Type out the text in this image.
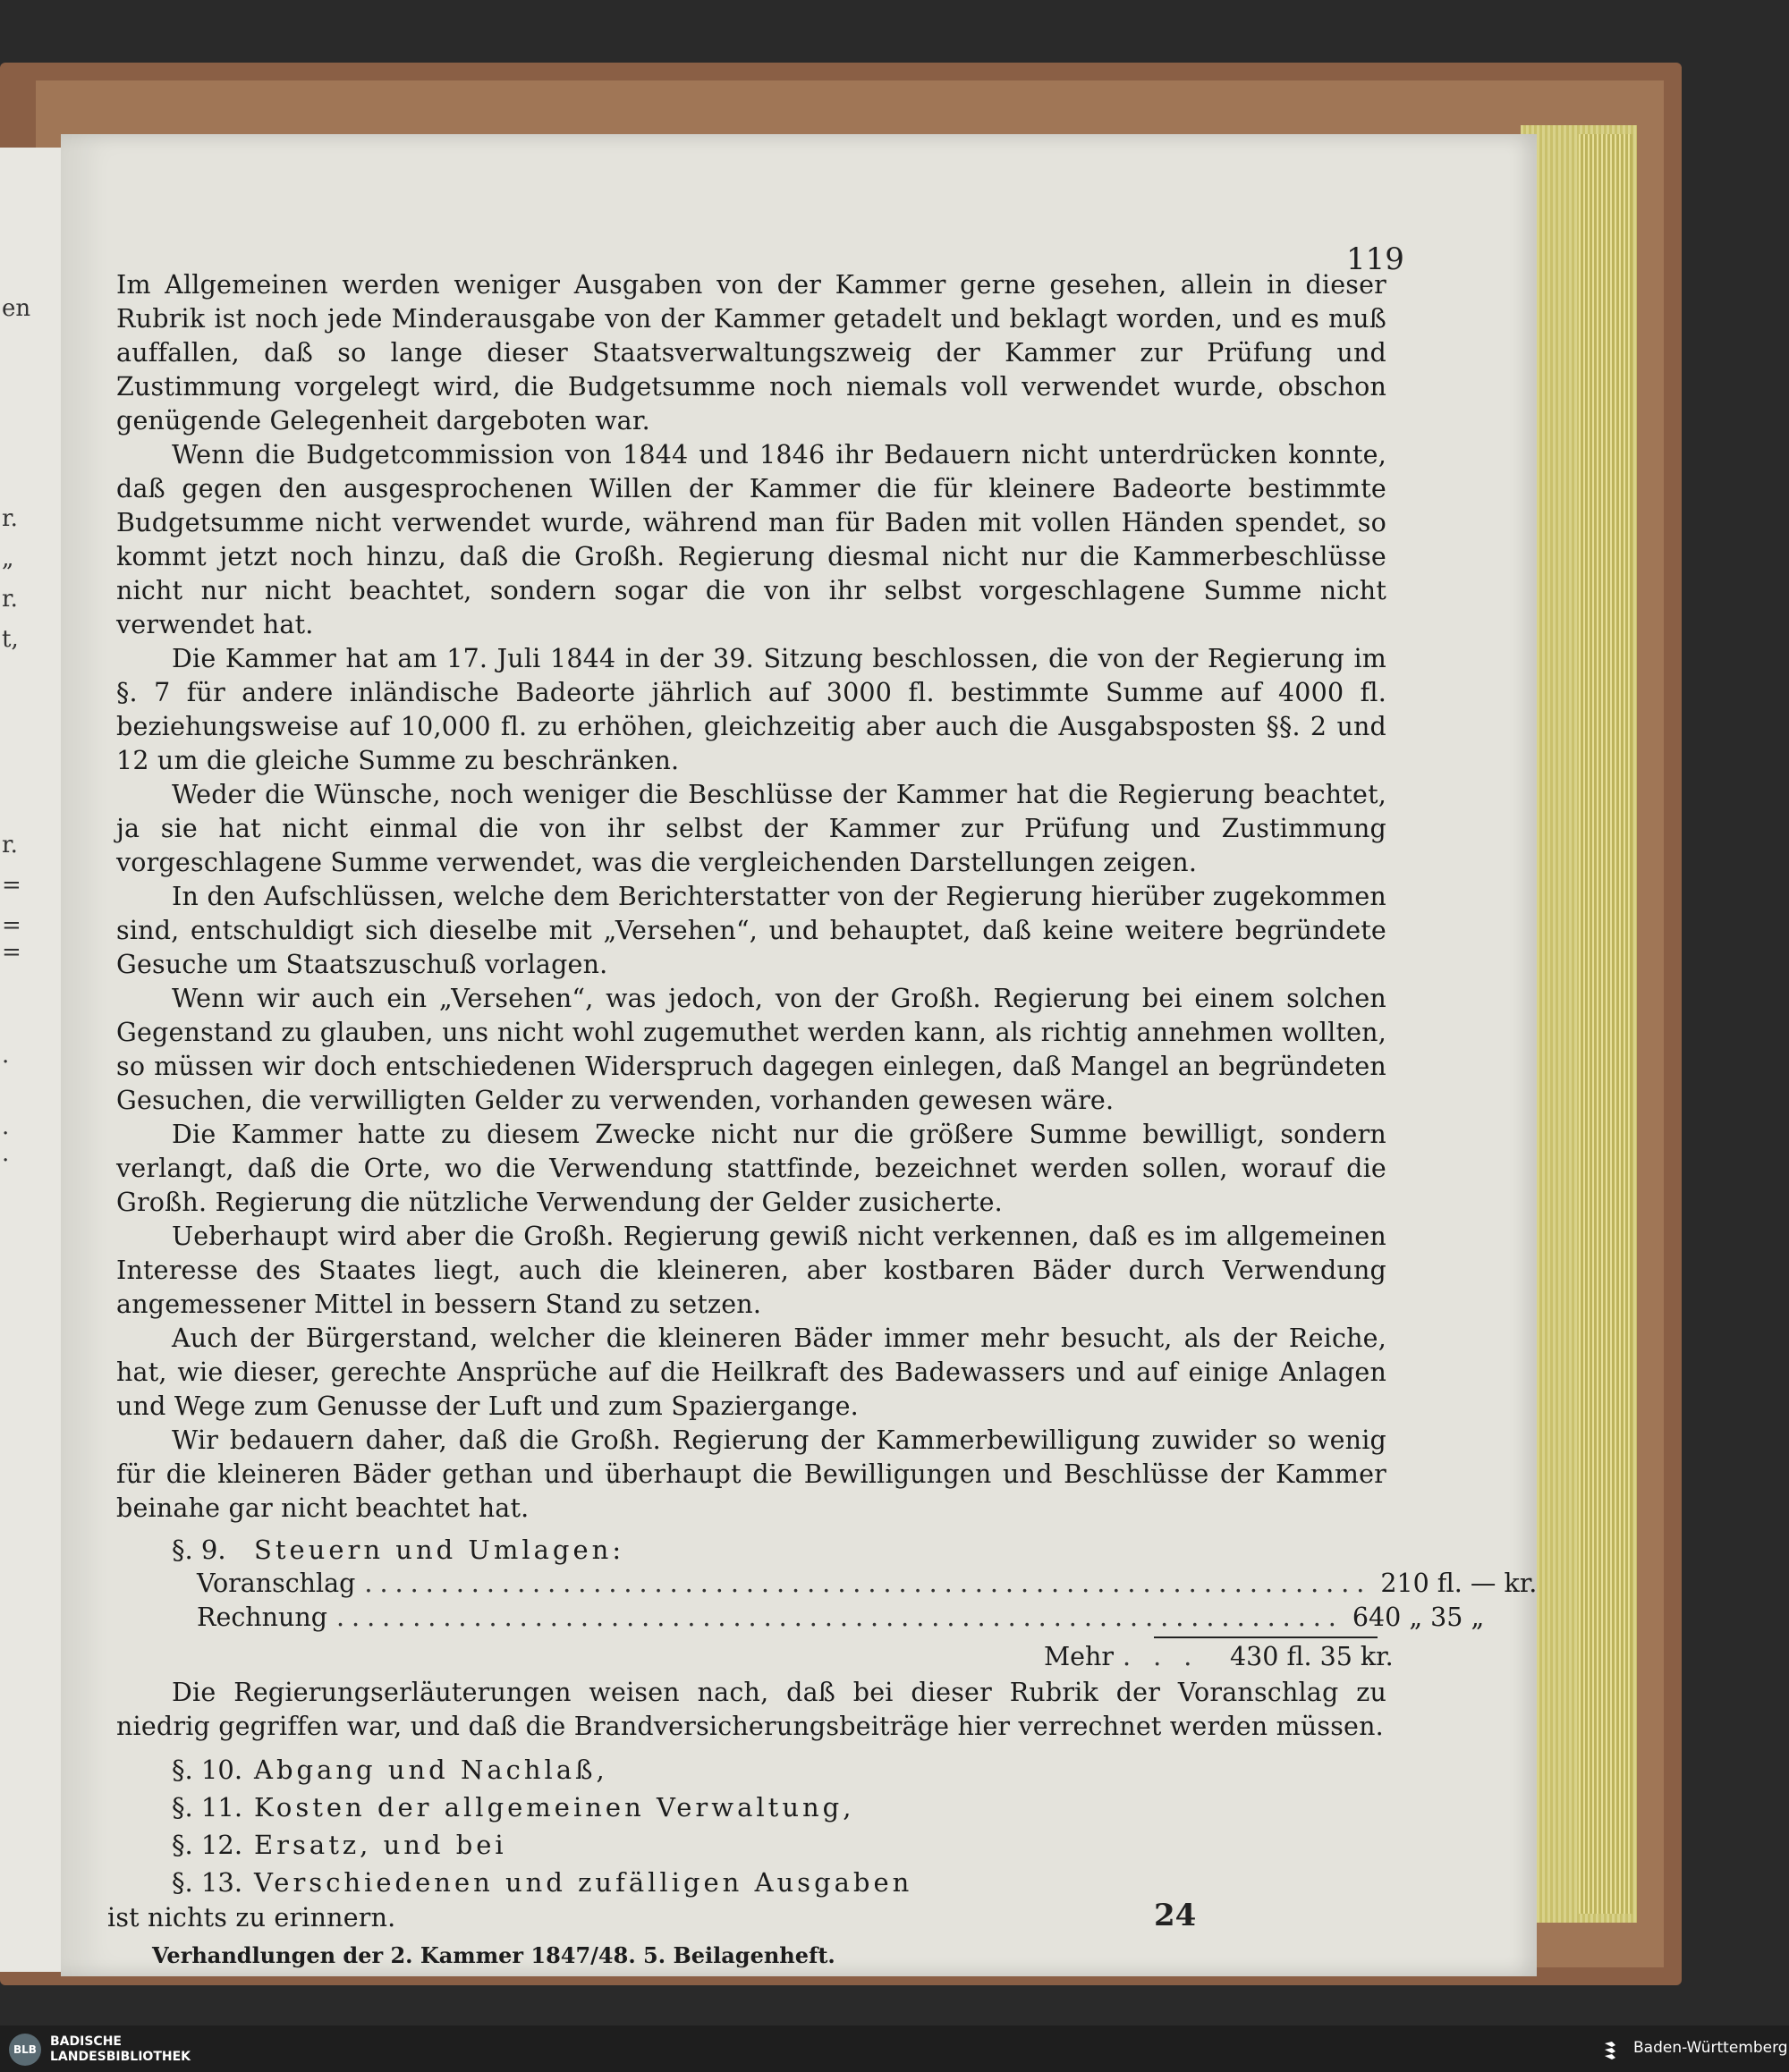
en
r.
„
r.
t,
r.
=
=
=
.
.
.
119

Im Allgemeinen werden weniger Ausgaben von der Kammer gerne gesehen, allein in dieser Rubrik ist noch jede Minderausgabe von der Kammer getadelt und beklagt worden, und es muß auffallen, daß so lange dieser Staatsverwaltungszweig der Kammer zur Prüfung und Zustimmung vorgelegt wird, die Budgetsumme noch niemals voll verwendet wurde, obschon genügende Gelegenheit dargeboten war.

Wenn die Budgetcommission von 1844 und 1846 ihr Bedauern nicht unterdrücken konnte, daß gegen den ausgesprochenen Willen der Kammer die für kleinere Badeorte bestimmte Budgetsumme nicht verwendet wurde, während man für Baden mit vollen Händen spendet, so kommt jetzt noch hinzu, daß die Großh. Regierung diesmal nicht nur die Kammerbeschlüsse nicht nur nicht beachtet, sondern sogar die von ihr selbst vorgeschlagene Summe nicht verwendet hat.

Die Kammer hat am 17. Juli 1844 in der 39. Sitzung beschlossen, die von der Regierung im §. 7 für andere inländische Badeorte jährlich auf 3000 fl. bestimmte Summe auf 4000 fl. beziehungsweise auf 10,000 fl. zu erhöhen, gleichzeitig aber auch die Ausgabsposten §§. 2 und 12 um die gleiche Summe zu beschränken.

Weder die Wünsche, noch weniger die Beschlüsse der Kammer hat die Regierung beachtet, ja sie hat nicht einmal die von ihr selbst der Kammer zur Prüfung und Zustimmung vorgeschlagene Summe verwendet, was die vergleichenden Darstellungen zeigen.

In den Aufschlüssen, welche dem Berichterstatter von der Regierung hierüber zugekommen sind, entschuldigt sich dieselbe mit „Versehen“, und behauptet, daß keine weitere begründete Gesuche um Staatszuschuß vorlagen.

Wenn wir auch ein „Versehen“, was jedoch, von der Großh. Regierung bei einem solchen Gegenstand zu glauben, uns nicht wohl zugemuthet werden kann, als richtig annehmen wollten, so müssen wir doch entschiedenen Widerspruch dagegen einlegen, daß Mangel an begründeten Gesuchen, die verwilligten Gelder zu verwenden, vorhanden gewesen wäre.

Die Kammer hatte zu diesem Zwecke nicht nur die größere Summe bewilligt, sondern verlangt, daß die Orte, wo die Verwendung stattfinde, bezeichnet werden sollen, worauf die Großh. Regierung die nützliche Verwendung der Gelder zusicherte.

Ueberhaupt wird aber die Großh. Regierung gewiß nicht verkennen, daß es im allgemeinen Interesse des Staates liegt, auch die kleineren, aber kostbaren Bäder durch Verwendung angemessener Mittel in bessern Stand zu setzen.

Auch der Bürgerstand, welcher die kleineren Bäder immer mehr besucht, als der Reiche, hat, wie dieser, gerechte Ansprüche auf die Heilkraft des Badewassers und auf einige Anlagen und Wege zum Genusse der Luft und zum Spaziergange.

Wir bedauern daher, daß die Großh. Regierung der Kammerbewilligung zuwider so wenig für die kleineren Bäder gethan und überhaupt die Bewilligungen und Beschlüsse der Kammer beinahe gar nicht beachtet hat.

§. 9. Steuern und Umlagen:

Voranschlag .................................................................. 210 fl. — kr.
Rechnung .................................................................. 640 „ 35 „
Mehr . . .	430 fl. 35 kr.

Die Regierungserläuterungen weisen nach, daß bei dieser Rubrik der Voranschlag zu niedrig gegriffen war, und daß die Brandversicherungsbeiträge hier verrechnet werden müssen.

§. 10. Abgang und Nachlaß,

§. 11. Kosten der allgemeinen Verwaltung,

§. 12. Ersatz, und bei

§. 13. Verschiedenen und zufälligen Ausgaben

ist nichts zu erinnern.

Verhandlungen der 2. Kammer 1847/48. 5. Beilagenheft.

24
BLB
BADISCHE
LANDESBIBLIOTHEK	Baden-Württemberg
